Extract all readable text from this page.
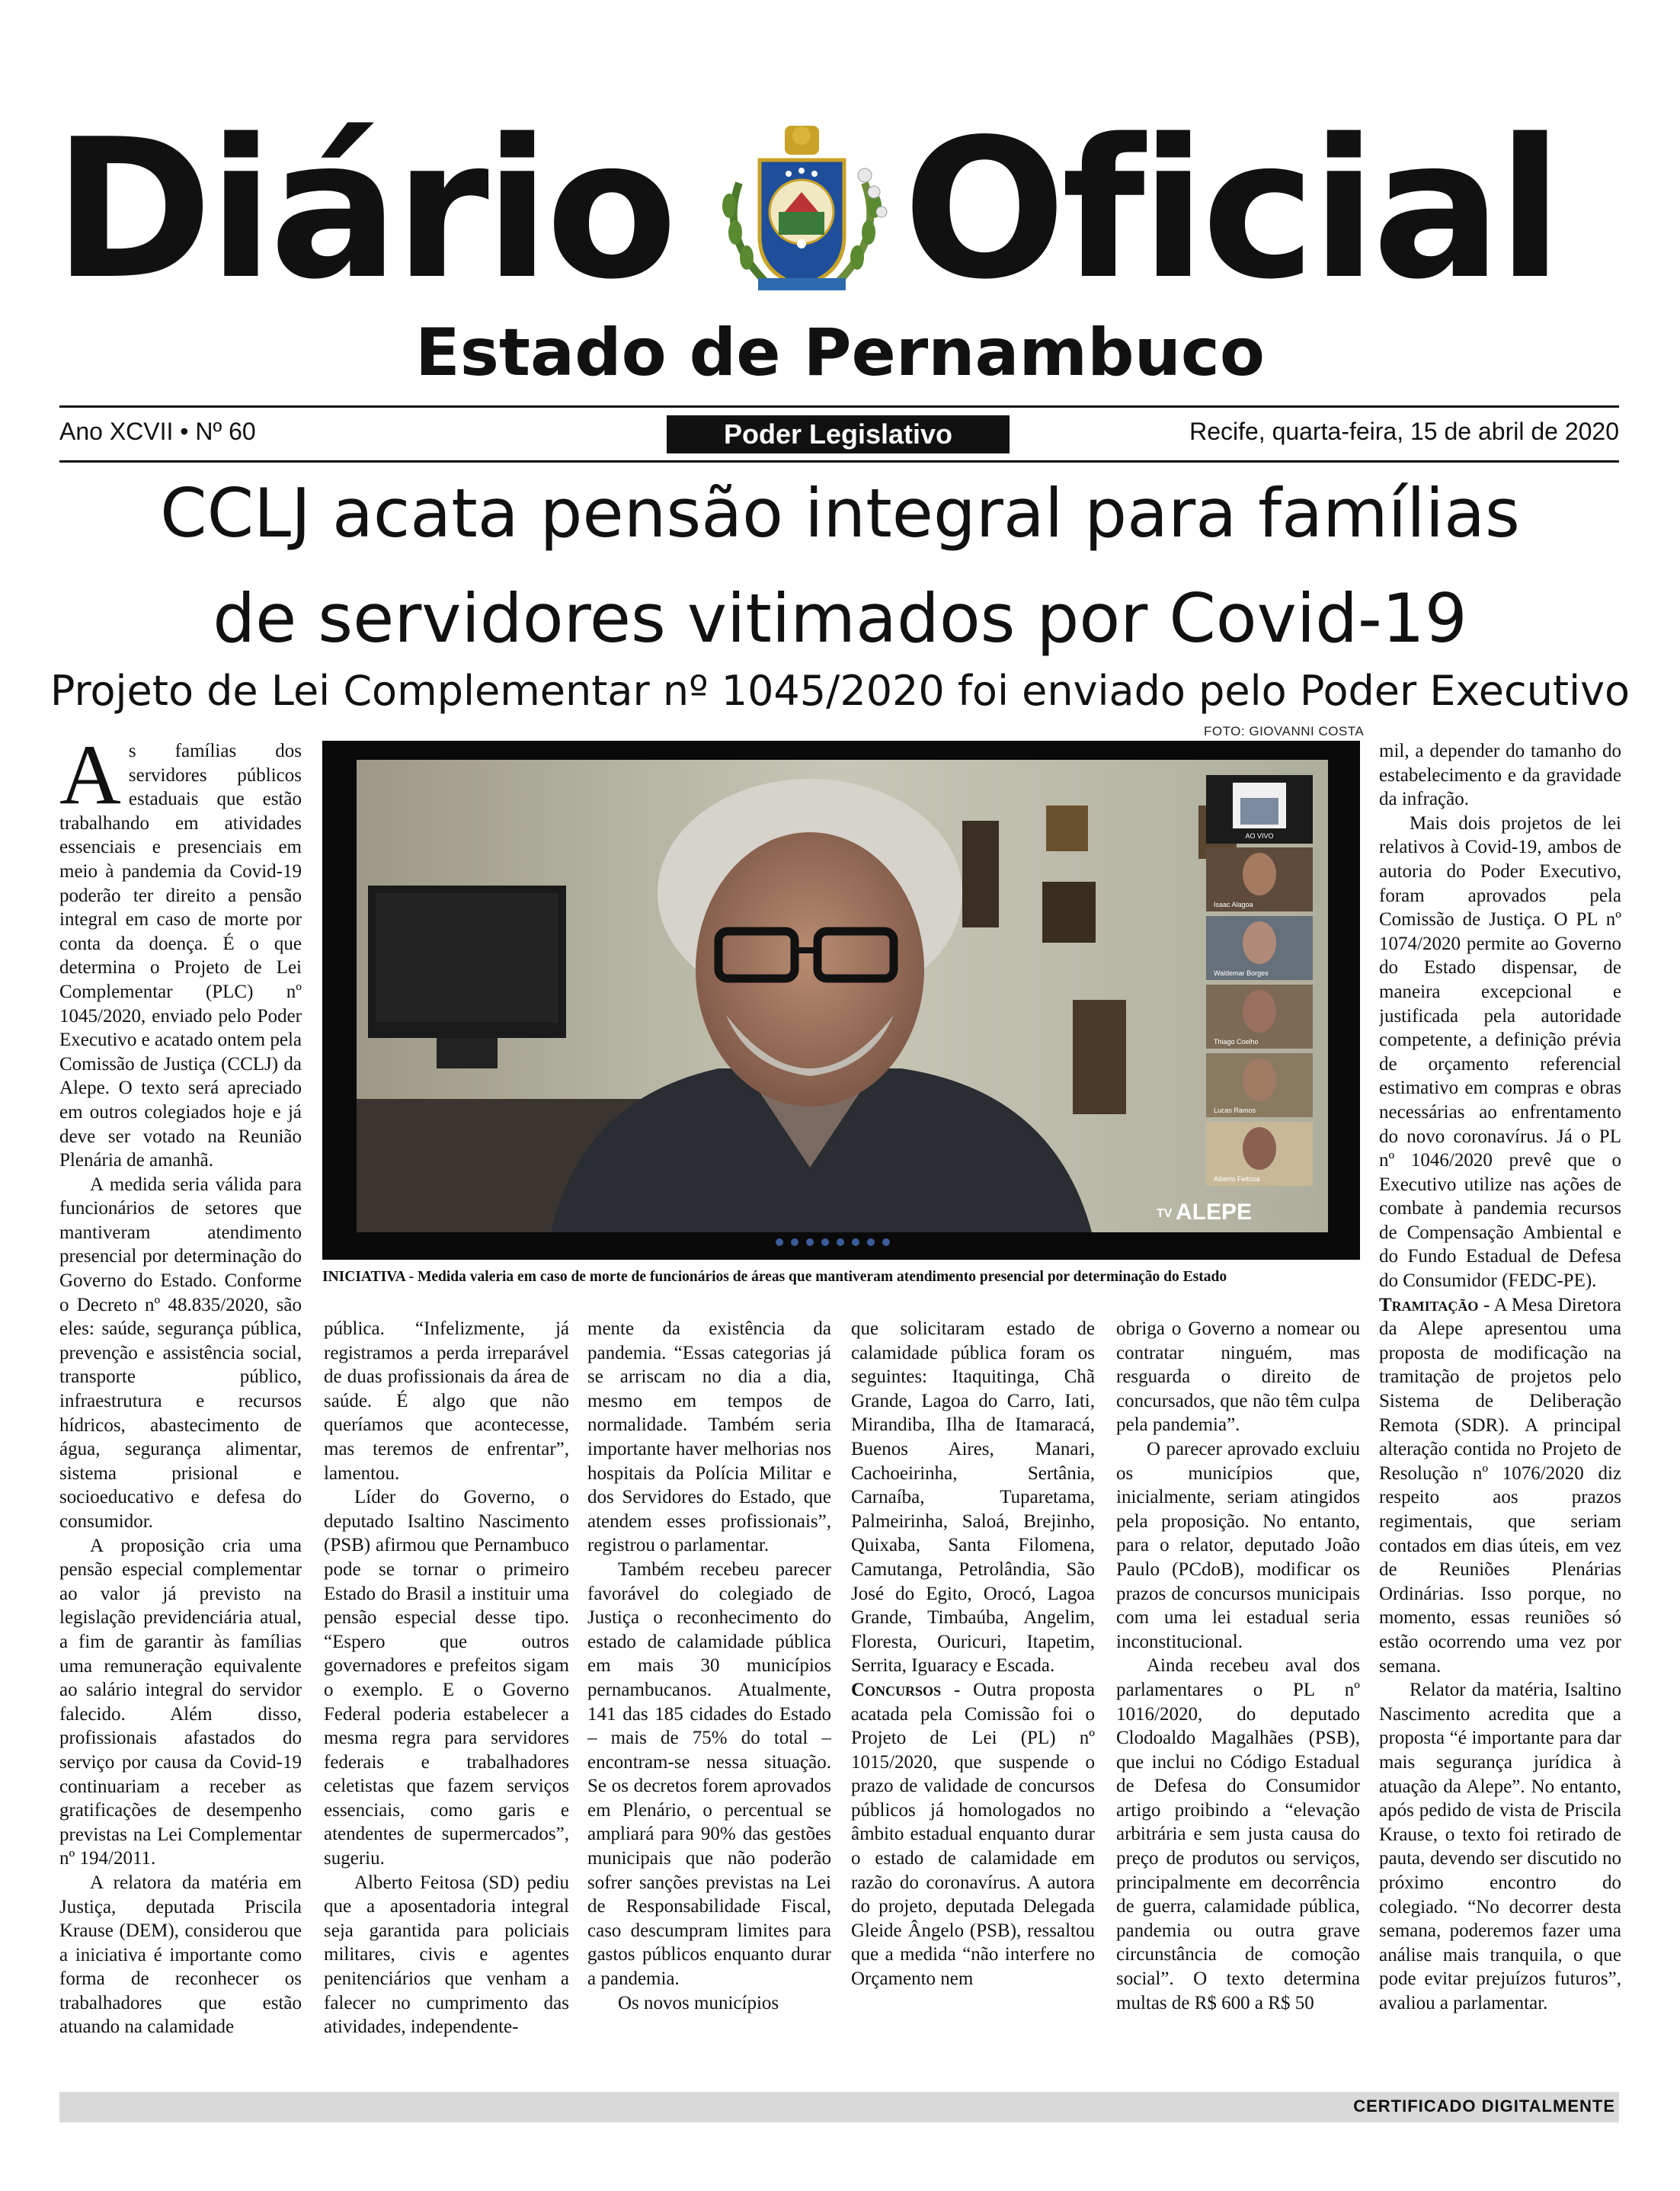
Diário Oficial
Estado de Pernambuco
Ano XCVII • Nº 60	Poder Legislativo	Recife, quarta-feira, 15 de abril de 2020
CCLJ acata pensão integral para famílias
de servidores vitimados por Covid-19
Projeto de Lei Complementar nº 1045/2020 foi enviado pelo Poder Executivo
FOTO: GIOVANNI COSTA
AO VIVO
Isaac Alagoa
Waldemar Borges
Thiago Coelho
Lucas Ramos
Alberto Feitosa
TV ALEPE
INICIATIVA - Medida valeria em caso de morte de funcionários de áreas que mantiveram atendimento presencial por determinação do Estado

As famílias dos servidores públicos estaduais que estão trabalhando em atividades essenciais e presenciais em meio à pandemia da Covid-19 poderão ter direito a pensão integral em caso de morte por conta da doença. É o que determina o Projeto de Lei Complementar (PLC) nº 1045/2020, enviado pelo Poder Executivo e acatado ontem pela Comissão de Justiça (CCLJ) da Alepe. O texto será apreciado em outros colegiados hoje e já deve ser votado na Reunião Plenária de amanhã.

A medida seria válida para funcionários de setores que mantiveram atendimento presencial por determinação do Governo do Estado. Conforme o Decreto nº 48.835/2020, são eles: saúde, segurança pública, prevenção e assistência social, transporte público, infraestrutura e recursos hídricos, abastecimento de água, segurança alimentar, sistema prisional e socioeducativo e defesa do consumidor.

A proposição cria uma pensão especial complementar ao valor já previsto na legislação previdenciária atual, a fim de garantir às famílias uma remuneração equivalente ao salário integral do servidor falecido. Além disso, profissionais afastados do serviço por causa da Covid-19 continuariam a receber as gratificações de desempenho previstas na Lei Complementar nº 194/2011.

A relatora da matéria em Justiça, deputada Priscila Krause (DEM), considerou que a iniciativa é importante como forma de reconhecer os trabalhadores que estão atuando na calamidade

pública. “Infelizmente, já registramos a perda irreparável de duas profissionais da área de saúde. É algo que não queríamos que acontecesse, mas teremos de enfrentar”, lamentou.

Líder do Governo, o deputado Isaltino Nascimento (PSB) afirmou que Pernambuco pode se tornar o primeiro Estado do Brasil a instituir uma pensão especial desse tipo. “Espero que outros governadores e prefeitos sigam o exemplo. E o Governo Federal poderia estabelecer a mesma regra para servidores federais e trabalhadores celetistas que fazem serviços essenciais, como garis e atendentes de supermercados”, sugeriu.

Alberto Feitosa (SD) pediu que a aposentadoria integral seja garantida para policiais militares, civis e agentes penitenciários que venham a falecer no cumprimento das atividades, independente-

mente da existência da pandemia. “Essas categorias já se arriscam no dia a dia, mesmo em tempos de normalidade. Também seria importante haver melhorias nos hospitais da Polícia Militar e dos Servidores do Estado, que atendem esses profissionais”, registrou o parlamentar.

Também recebeu parecer favorável do colegiado de Justiça o reconhecimento do estado de calamidade pública em mais 30 municípios pernambucanos. Atualmente, 141 das 185 cidades do Estado – mais de 75% do total – encontram-se nessa situação. Se os decretos forem aprovados em Plenário, o percentual se ampliará para 90% das gestões municipais que não poderão sofrer sanções previstas na Lei de Responsabilidade Fiscal, caso descumpram limites para gastos públicos enquanto durar a pandemia.

Os novos municípios

que solicitaram estado de calamidade pública foram os seguintes: Itaquitinga, Chã Grande, Lagoa do Carro, Iati, Mirandiba, Ilha de Itamaracá, Buenos Aires, Manari, Cachoeirinha, Sertânia, Carnaíba, Tuparetama, Palmeirinha, Saloá, Brejinho, Quixaba, Santa Filomena, Camutanga, Petrolândia, São José do Egito, Orocó, Lagoa Grande, Timbaúba, Angelim, Floresta, Ouricuri, Itapetim, Serrita, Iguaracy e Escada.

Concursos - Outra proposta acatada pela Comissão foi o Projeto de Lei (PL) nº 1015/2020, que suspende o prazo de validade de concursos públicos já homologados no âmbito estadual enquanto durar o estado de calamidade em razão do coronavírus. A autora do projeto, deputada Delegada Gleide Ângelo (PSB), ressaltou que a medida “não interfere no Orçamento nem

obriga o Governo a nomear ou contratar ninguém, mas resguarda o direito de concursados, que não têm culpa pela pandemia”.

O parecer aprovado excluiu os municípios que, inicialmente, seriam atingidos pela proposição. No entanto, para o relator, deputado João Paulo (PCdoB), modificar os prazos de concursos municipais com uma lei estadual seria inconstitucional.

Ainda recebeu aval dos parlamentares o PL nº 1016/2020, do deputado Clodoaldo Magalhães (PSB), que inclui no Código Estadual de Defesa do Consumidor artigo proibindo a “elevação arbitrária e sem justa causa do preço de produtos ou serviços, principalmente em decorrência de guerra, calamidade pública, pandemia ou outra grave circunstância de comoção social”. O texto determina multas de R$ 600 a R$ 50

mil, a depender do tamanho do estabelecimento e da gravidade da infração.

Mais dois projetos de lei relativos à Covid-19, ambos de autoria do Poder Executivo, foram aprovados pela Comissão de Justiça. O PL nº 1074/2020 permite ao Governo do Estado dispensar, de maneira excepcional e justificada pela autoridade competente, a definição prévia de orçamento referencial estimativo em compras e obras necessárias ao enfrentamento do novo coronavírus. Já o PL nº 1046/2020 prevê que o Executivo utilize nas ações de combate à pandemia recursos de Compensação Ambiental e do Fundo Estadual de Defesa do Consumidor (FEDC-PE).

Tramitação - A Mesa Diretora da Alepe apresentou uma proposta de modificação na tramitação de projetos pelo Sistema de Deliberação Remota (SDR). A principal alteração contida no Projeto de Resolução nº 1076/2020 diz respeito aos prazos regimentais, que seriam contados em dias úteis, em vez de Reuniões Plenárias Ordinárias. Isso porque, no momento, essas reuniões só estão ocorrendo uma vez por semana.

Relator da matéria, Isaltino Nascimento acredita que a proposta “é importante para dar mais segurança jurídica à atuação da Alepe”. No entanto, após pedido de vista de Priscila Krause, o texto foi retirado de pauta, devendo ser discutido no próximo encontro do colegiado. “No decorrer desta semana, poderemos fazer uma análise mais tranquila, o que pode evitar prejuízos futuros”, avaliou a parlamentar.

CERTIFICADO DIGITALMENTE
